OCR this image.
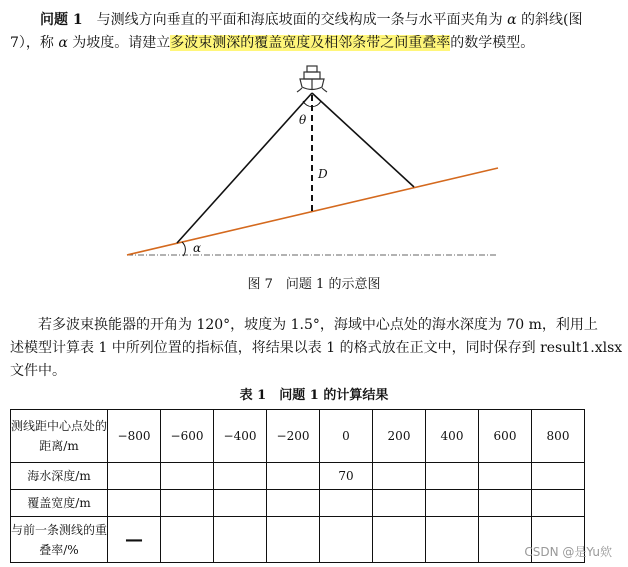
问题 1　 与测线方向垂直的平面和海底坡面的交线构成一条与水平面夹角为 α 的斜线(图
7），称 α 为坡度。请建立多波束测深的覆盖宽度及相邻条带之间重叠率的数学模型。
θ
D
α
图 7　问题 1 的示意图
若多波束换能器的开角为 120°，坡度为 1.5°，海域中心点处的海水深度为 70 m，利用上
述模型计算表 1 中所列位置的指标值，将结果以表 1 的格式放在正文中，同时保存到 result1.xlsx
文件中。
表 1　问题 1 的计算结果
测线距中心点处的距离/m	−800	−600	−400	−200	0	200	400	600	800
海水深度/m					70				
覆盖宽度/m									
与前一条测线的重叠率/%	—								
CSDN @是Yu欸
